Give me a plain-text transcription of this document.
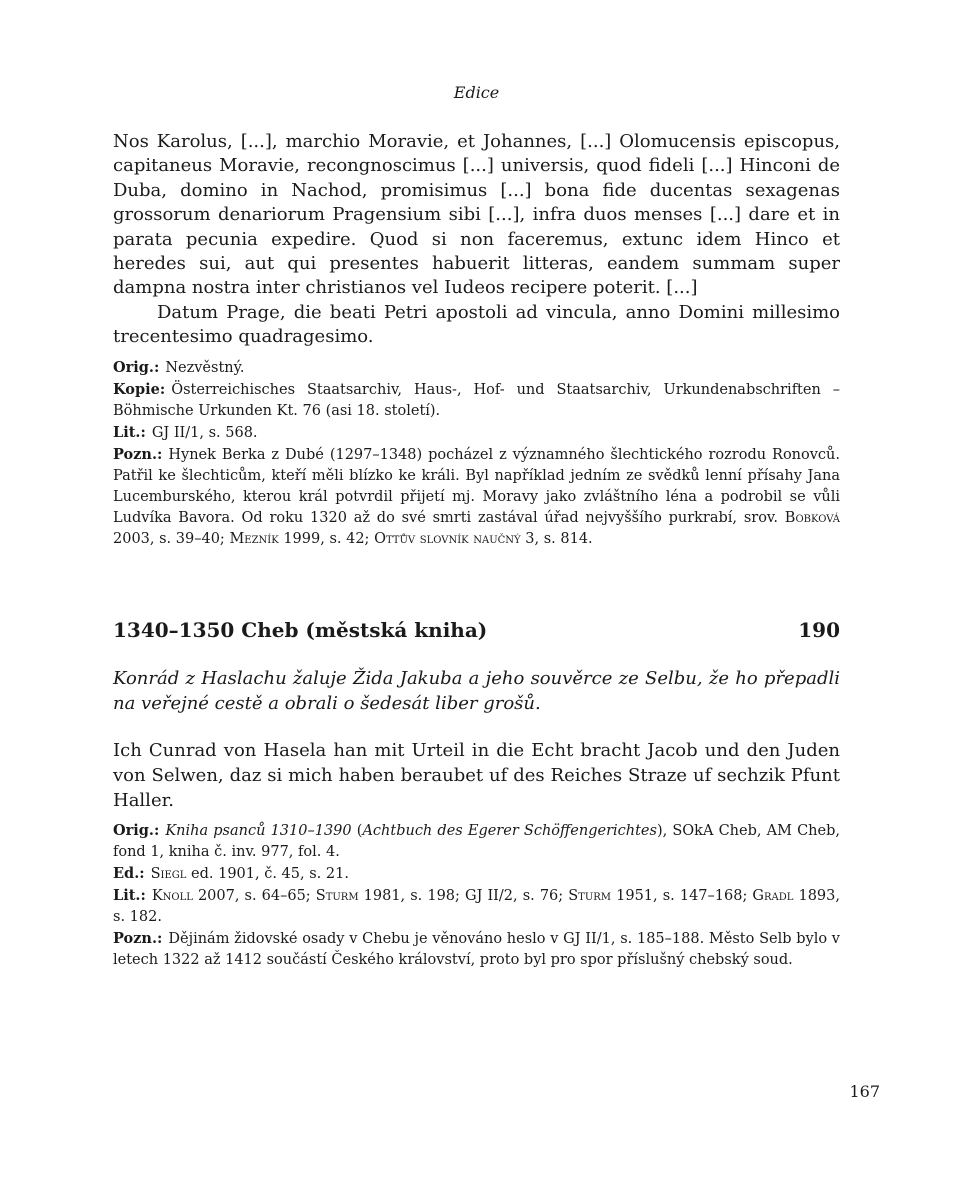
Edice

Nos Karolus, [...], marchio Moravie, et Johannes, [...] Olomucensis episcopus, capitaneus Moravie, recongnoscimus [...] universis, quod fideli [...] Hinconi de Duba, domino in Nachod, promisimus [...] bona fide ducentas sexagenas grossorum denariorum Pragensium sibi [...], infra duos menses [...] dare et in parata pecunia expedire. Quod si non faceremus, extunc idem Hinco et heredes sui, aut qui presentes habuerit litteras, eandem summam super dampna nostra inter christianos vel Iudeos recipere poterit. [...]

Datum Prage, die beati Petri apostoli ad vincula, anno Domini millesimo trecentesimo quadragesimo.

Orig.: Nezvěstný.

Kopie: Österreichisches Staatsarchiv, Haus-, Hof- und Staatsarchiv, Urkundenabschriften – Böhmische Urkunden Kt. 76 (asi 18. století).

Lit.: GJ II/1, s. 568.

Pozn.: Hynek Berka z Dubé (1297–1348) pocházel z významného šlechtického rozrodu Ronovců. Patřil ke šlechticům, kteří měli blízko ke králi. Byl například jedním ze svědků lenní přísahy Jana Lucemburského, kterou král potvrdil přijetí mj. Moravy jako zvláštního léna a podrobil se vůli Ludvíka Bavora. Od roku 1320 až do své smrti zastával úřad nejvyššího purkrabí, srov. Bobková 2003, s. 39–40; Mezník 1999, s. 42; Ottův slovník naučný 3, s. 814.

1340–1350 Cheb (městská kniha)	190
Konrád z Haslachu žaluje Žida Jakuba a jeho souvěrce ze Selbu, že ho přepadli na veřejné cestě a obrali o šedesát liber grošů.
Ich Cunrad von Hasela han mit Urteil in die Echt bracht Jacob und den Juden von Selwen, daz si mich haben beraubet uf des Reiches Straze uf sechzik Pfunt Haller.

Orig.: Kniha psanců 1310–1390 (Achtbuch des Egerer Schöffengerichtes), SOkA Cheb, AM Cheb, fond 1, kniha č. inv. 977, fol. 4.

Ed.: Siegl ed. 1901, č. 45, s. 21.

Lit.: Knoll 2007, s. 64–65; Sturm 1981, s. 198; GJ II/2, s. 76; Sturm 1951, s. 147–168; Gradl 1893, s. 182.

Pozn.: Dějinám židovské osady v Chebu je věnováno heslo v GJ II/1, s. 185–188. Město Selb bylo v letech 1322 až 1412 součástí Českého království, proto byl pro spor příslušný chebský soud.

167
